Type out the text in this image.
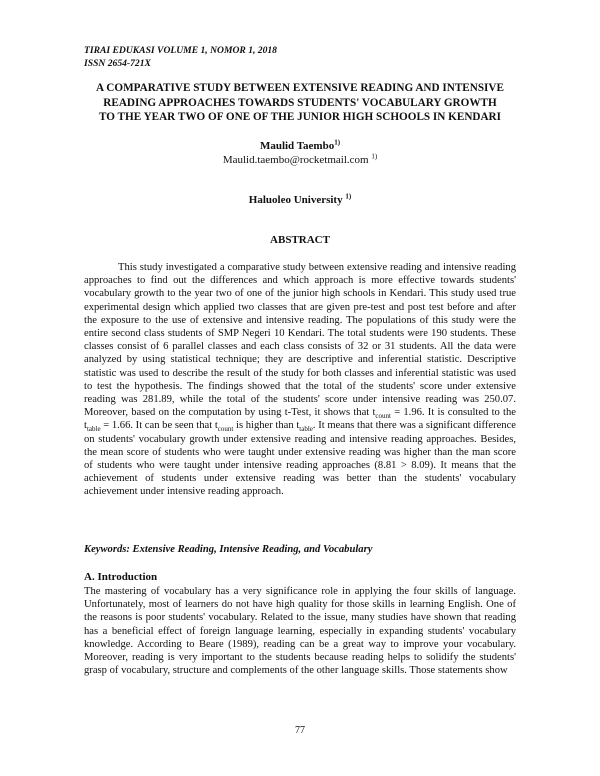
TIRAI EDUKASI VOLUME 1, NOMOR 1, 2018
ISSN 2654-721X
A COMPARATIVE STUDY BETWEEN EXTENSIVE READING AND INTENSIVE
READING APPROACHES TOWARDS STUDENTS' VOCABULARY GROWTH
TO THE YEAR TWO OF ONE OF THE JUNIOR HIGH SCHOOLS IN KENDARI
Maulid Taembo$^{1)}$
Maulid.taembo@rocketmail.com $^{1)}$
Haluoleo University $^{1)}$
ABSTRACT

This study investigated a comparative study between extensive reading and intensive reading approaches to find out the differences and which approach is more effective towards students' vocabulary growth to the year two of one of the junior high schools in Kendari. This study used true experimental design which applied two classes that are given pre-test and post test before and after the exposure to the use of extensive and intensive reading. The populations of this study were the entire second class students of SMP Negeri 10 Kendari. The total students were 190 students. These classes consist of 6 parallel classes and each class consists of 32 or 31 students. All the data were analyzed by using statistical technique; they are descriptive and inferential statistic. Descriptive statistic was used to describe the result of the study for both classes and inferential statistic was used to test the hypothesis. The findings showed that the total of the students' score under extensive reading was 281.89, while the total of the students' score under intensive reading was 250.07. Moreover, based on the computation by using t-Test, it shows that $t_{count} = 1.96$. It is consulted to the $t_{table} = 1.66$. It can be seen that $t_{count}$ is higher than $t_{table}$. It means that there was a significant difference on students' vocabulary growth under extensive reading and intensive reading approaches. Besides, the mean score of students who were taught under extensive reading was higher than the man score of students who were taught under intensive reading approaches (8.81 > 8.09). It means that the achievement of students under extensive reading was better than the students' vocabulary achievement under intensive reading approach.

Keywords: Extensive Reading, Intensive Reading, and Vocabulary
A. Introduction

The mastering of vocabulary has a very significance role in applying the four skills of language. Unfortunately, most of learners do not have high quality for those skills in learning English. One of the reasons is poor students' vocabulary. Related to the issue, many studies have shown that reading has a beneficial effect of foreign language learning, especially in expanding students' vocabulary knowledge. According to Beare (1989), reading can be a great way to improve your vocabulary. Moreover, reading is very important to the students because reading helps to solidify the students' grasp of vocabulary, structure and complements of the other language skills. Those statements show

77
